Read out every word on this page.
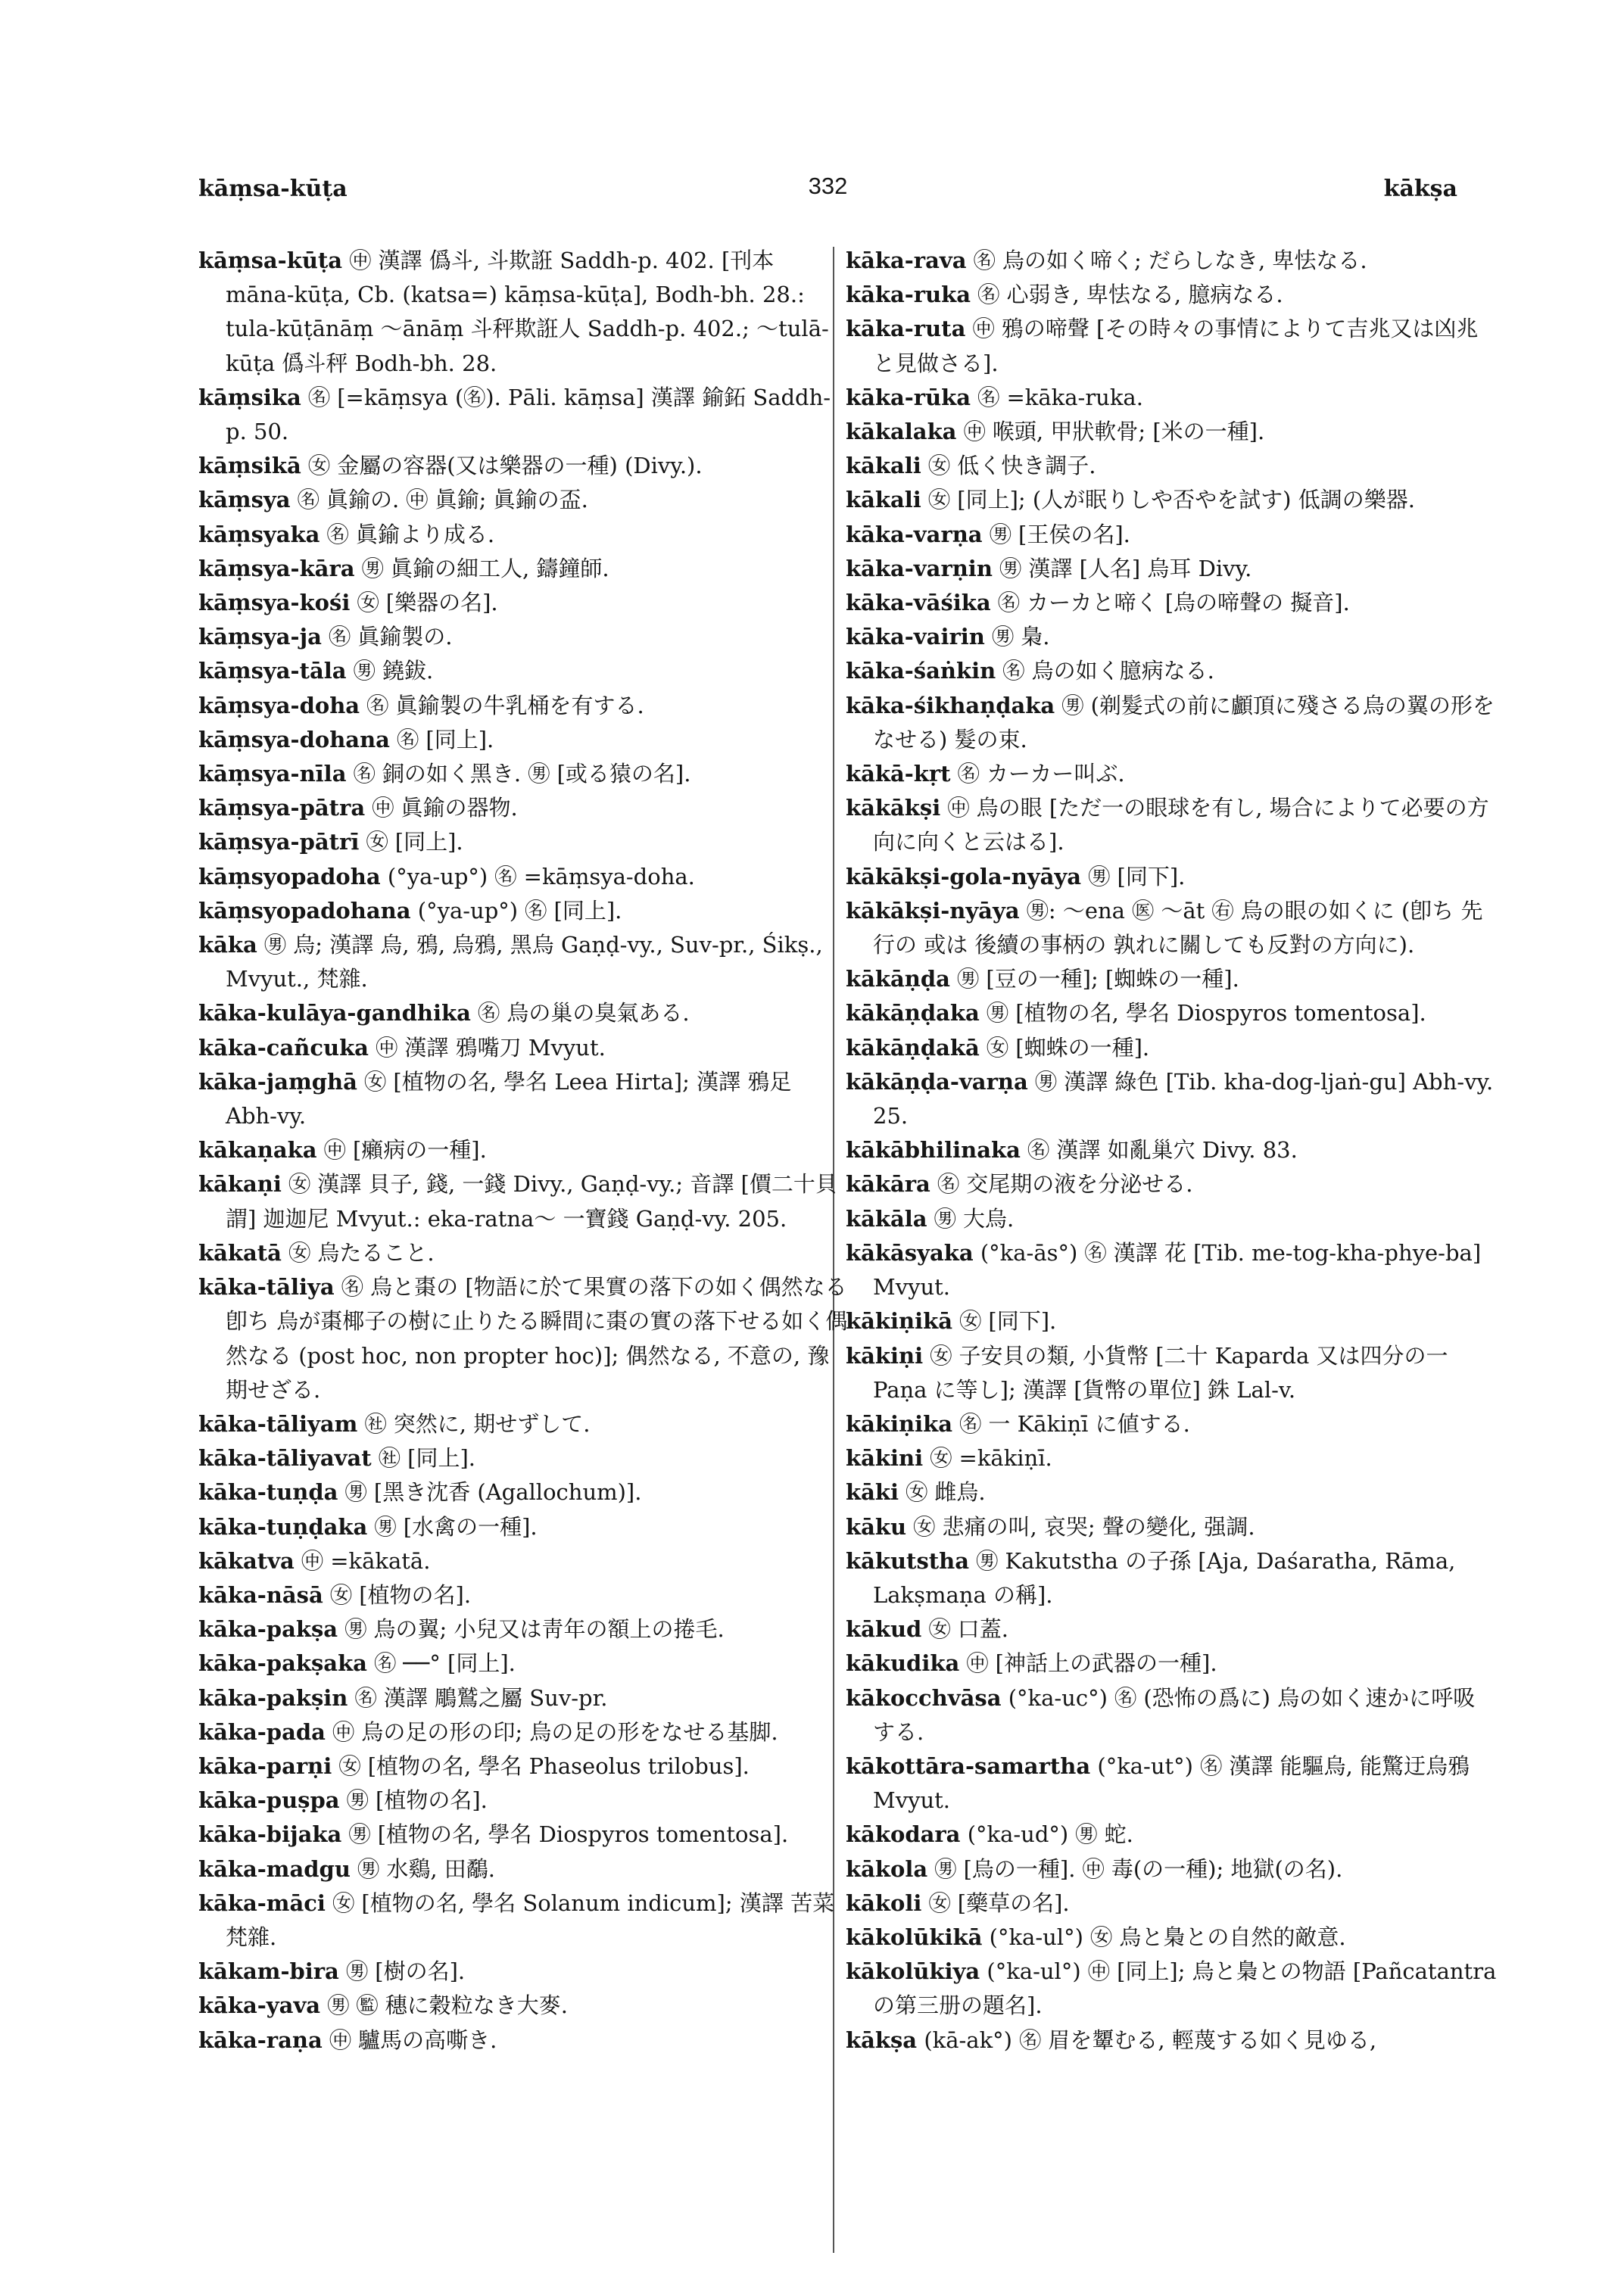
kāṃsa-kūṭa	332	kākṣa
kāṃsa-kūṭa ㊥ 漢譯 僞斗, 斗欺誑 Saddh-p. 402. [刊本 māna-kūṭa, Cb. (katsa=) kāṃsa-kūṭa], Bodh-bh. 28.: tula-kūṭānāṃ 〜ānāṃ 斗秤欺誑人 Saddh-p. 402.; 〜tulā-kūṭa 僞斗秤 Bodh-bh. 28.
kāṃsika ㊔ [=kāṃsya (㊔). Pāli. kāṃsa] 漢譯 鍮鉐 Saddh-p. 50.
kāṃsikā ㊛ 金屬の容器(又は樂器の一種) (Divy.).
kāṃsya ㊔ 眞鍮の. ㊥ 眞鍮; 眞鍮の盃.
kāṃsyaka ㊔ 眞鍮より成る.
kāṃsya-kāra ㊚ 眞鍮の細工人, 鑄鐘師.
kāṃsya-kośi ㊛ [樂器の名].
kāṃsya-ja ㊔ 眞鍮製の.
kāṃsya-tāla ㊚ 鐃鈸.
kāṃsya-doha ㊔ 眞鍮製の牛乳桶を有する.
kāṃsya-dohana ㊔ [同上].
kāṃsya-nīla ㊔ 銅の如く黑き. ㊚ [或る猿の名].
kāṃsya-pātra ㊥ 眞鍮の器物.
kāṃsya-pātrī ㊛ [同上].
kāṃsyopadoha (°ya-up°) ㊔ =kāṃsya-doha.
kāṃsyopadohana (°ya-up°) ㊔ [同上].
kāka ㊚ 烏; 漢譯 烏, 鴉, 烏鴉, 黑烏 Gaṇḍ-vy., Suv-pr., Śikṣ., Mvyut., 梵雜.
kāka-kulāya-gandhika ㊔ 烏の巢の臭氣ある.
kāka-cañcuka ㊥ 漢譯 鴉嘴刀 Mvyut.
kāka-jaṃghā ㊛ [植物の名, 學名 Leea Hirta]; 漢譯 鴉足 Abh-vy.
kākaṇaka ㊥ [癩病の一種].
kākaṇi ㊛ 漢譯 貝子, 錢, 一錢 Divy., Gaṇḍ-vy.; 音譯 [價二十貝謂] 迦迦尼 Mvyut.: eka-ratna〜 一寶錢 Gaṇḍ-vy. 205.
kākatā ㊛ 烏たること.
kāka-tāliya ㊔ 烏と棗の [物語に於て果實の落下の如く偶然なる 卽ち 烏が棗椰子の樹に止りたる瞬間に棗の實の落下せる如く偶然なる (post hoc, non propter hoc)]; 偶然なる, 不意の, 豫期せざる.
kāka-tāliyam ㊓ 突然に, 期せずして.
kāka-tāliyavat ㊓ [同上].
kāka-tuṇḍa ㊚ [黑き沈香 (Agallochum)].
kāka-tuṇḍaka ㊚ [水禽の一種].
kākatva ㊥ =kākatā.
kāka-nāsā ㊛ [植物の名].
kāka-pakṣa ㊚ 烏の翼; 小兒又は靑年の額上の捲毛.
kāka-pakṣaka ㊔ ──° [同上].
kāka-pakṣin ㊔ 漢譯 鵰鷲之屬 Suv-pr.
kāka-pada ㊥ 烏の足の形の印; 烏の足の形をなせる基脚.
kāka-parṇi ㊛ [植物の名, 學名 Phaseolus trilobus].
kāka-puṣpa ㊚ [植物の名].
kāka-bijaka ㊚ [植物の名, 學名 Diospyros tomentosa].
kāka-madgu ㊚ 水鷄, 田鷸.
kāka-māci ㊛ [植物の名, 學名 Solanum indicum]; 漢譯 苦菜 梵雜.
kākam-bira ㊚ [樹の名].
kāka-yava ㊚ ㊬ 穗に穀粒なき大麥.
kāka-raṇa ㊥ 驢馬の高嘶き.
kāka-rava ㊔ 烏の如く啼く; だらしなき, 卑怯なる.
kāka-ruka ㊔ 心弱き, 卑怯なる, 臆病なる.
kāka-ruta ㊥ 鴉の啼聲 [その時々の事情によりて吉兆又は凶兆と見做さる].
kāka-rūka ㊔ =kāka-ruka.
kākalaka ㊥ 喉頭, 甲狀軟骨; [米の一種].
kākali ㊛ 低く快き調子.
kākali ㊛ [同上]; (人が眠りしや否やを試す) 低調の樂器.
kāka-varṇa ㊚ [王侯の名].
kāka-varṇin ㊚ 漢譯 [人名] 烏耳 Divy.
kāka-vāśika ㊔ カーカと啼く [烏の啼聲の 擬音].
kāka-vairin ㊚ 梟.
kāka-śaṅkin ㊔ 烏の如く臆病なる.
kāka-śikhaṇḍaka ㊚ (剃髮式の前に顱頂に殘さる烏の翼の形をなせる) 髮の束.
kākā-kṛt ㊔ カーカー叫ぶ.
kākākṣi ㊥ 烏の眼 [ただ一の眼球を有し, 場合によりて必要の方向に向くと云はる].
kākākṣi-gola-nyāya ㊚ [同下].
kākākṣi-nyāya ㊚: 〜ena ㊩ 〜āt ㊨ 烏の眼の如くに (卽ち 先行の 或は 後續の事柄の 孰れに關しても反對の方向に).
kākāṇḍa ㊚ [豆の一種]; [蜘蛛の一種].
kākāṇḍaka ㊚ [植物の名, 學名 Diospyros tomentosa].
kākāṇḍakā ㊛ [蜘蛛の一種].
kākāṇḍa-varṇa ㊚ 漢譯 綠色 [Tib. kha-dog-ljaṅ-gu] Abh-vy. 25.
kākābhilinaka ㊔ 漢譯 如亂巢穴 Divy. 83.
kākāra ㊔ 交尾期の液を分泌せる.
kākāla ㊚ 大烏.
kākāsyaka (°ka-ās°) ㊔ 漢譯 花 [Tib. me-tog-kha-phye-ba] Mvyut.
kākiṇikā ㊛ [同下].
kākiṇi ㊛ 子安貝の類, 小貨幣 [二十 Kaparda 又は四分の一 Paṇa に等し]; 漢譯 [貨幣の單位] 銖 Lal-v.
kākiṇika ㊔ 一 Kākiṇī に値する.
kākini ㊛ =kākiṇī.
kāki ㊛ 雌烏.
kāku ㊛ 悲痛の叫, 哀哭; 聲の變化, 强調.
kākutstha ㊚ Kakutstha の子孫 [Aja, Daśaratha, Rāma, Lakṣmaṇa の稱].
kākud ㊛ 口蓋.
kākudika ㊥ [神話上の武器の一種].
kākocchvāsa (°ka-uc°) ㊔ (恐怖の爲に) 烏の如く速かに呼吸する.
kākottāra-samartha (°ka-ut°) ㊔ 漢譯 能驅烏, 能驚迂烏鴉 Mvyut.
kākodara (°ka-ud°) ㊚ 蛇.
kākola ㊚ [烏の一種]. ㊥ 毒(の一種); 地獄(の名).
kākoli ㊛ [藥草の名].
kākolūkikā (°ka-ul°) ㊛ 烏と梟との自然的敵意.
kākolūkiya (°ka-ul°) ㊥ [同上]; 烏と梟との物語 [Pañcatantra の第三册の題名].
kākṣa (kā-ak°) ㊔ 眉を顰むる, 輕蔑する如く見ゆる,
